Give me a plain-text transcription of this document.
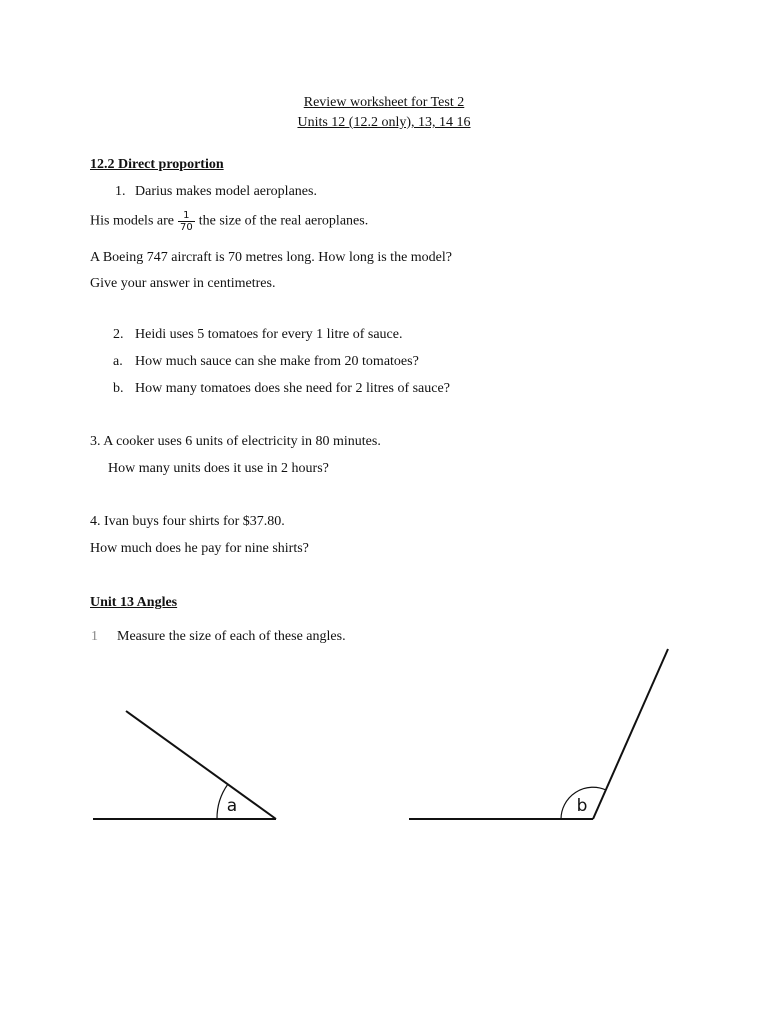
Review worksheet for Test 2
Units 12 (12.2 only), 13, 14 16
12.2 Direct proportion
1. Darius makes model aeroplanes.
His models are $\frac{1}{70}$ the size of the real aeroplanes.
A Boeing 747 aircraft is 70 metres long. How long is the model?
Give your answer in centimetres.
2. Heidi uses 5 tomatoes for every 1 litre of sauce.
a. How much sauce can she make from 20 tomatoes?
b. How many tomatoes does she need for 2 litres of sauce?
3. A cooker uses 6 units of electricity in 80 minutes.
How many units does it use in 2 hours?
4. Ivan buys four shirts for $37.80.
How much does he pay for nine shirts?
Unit 13 Angles
1 Measure the size of each of these angles.
a	b
